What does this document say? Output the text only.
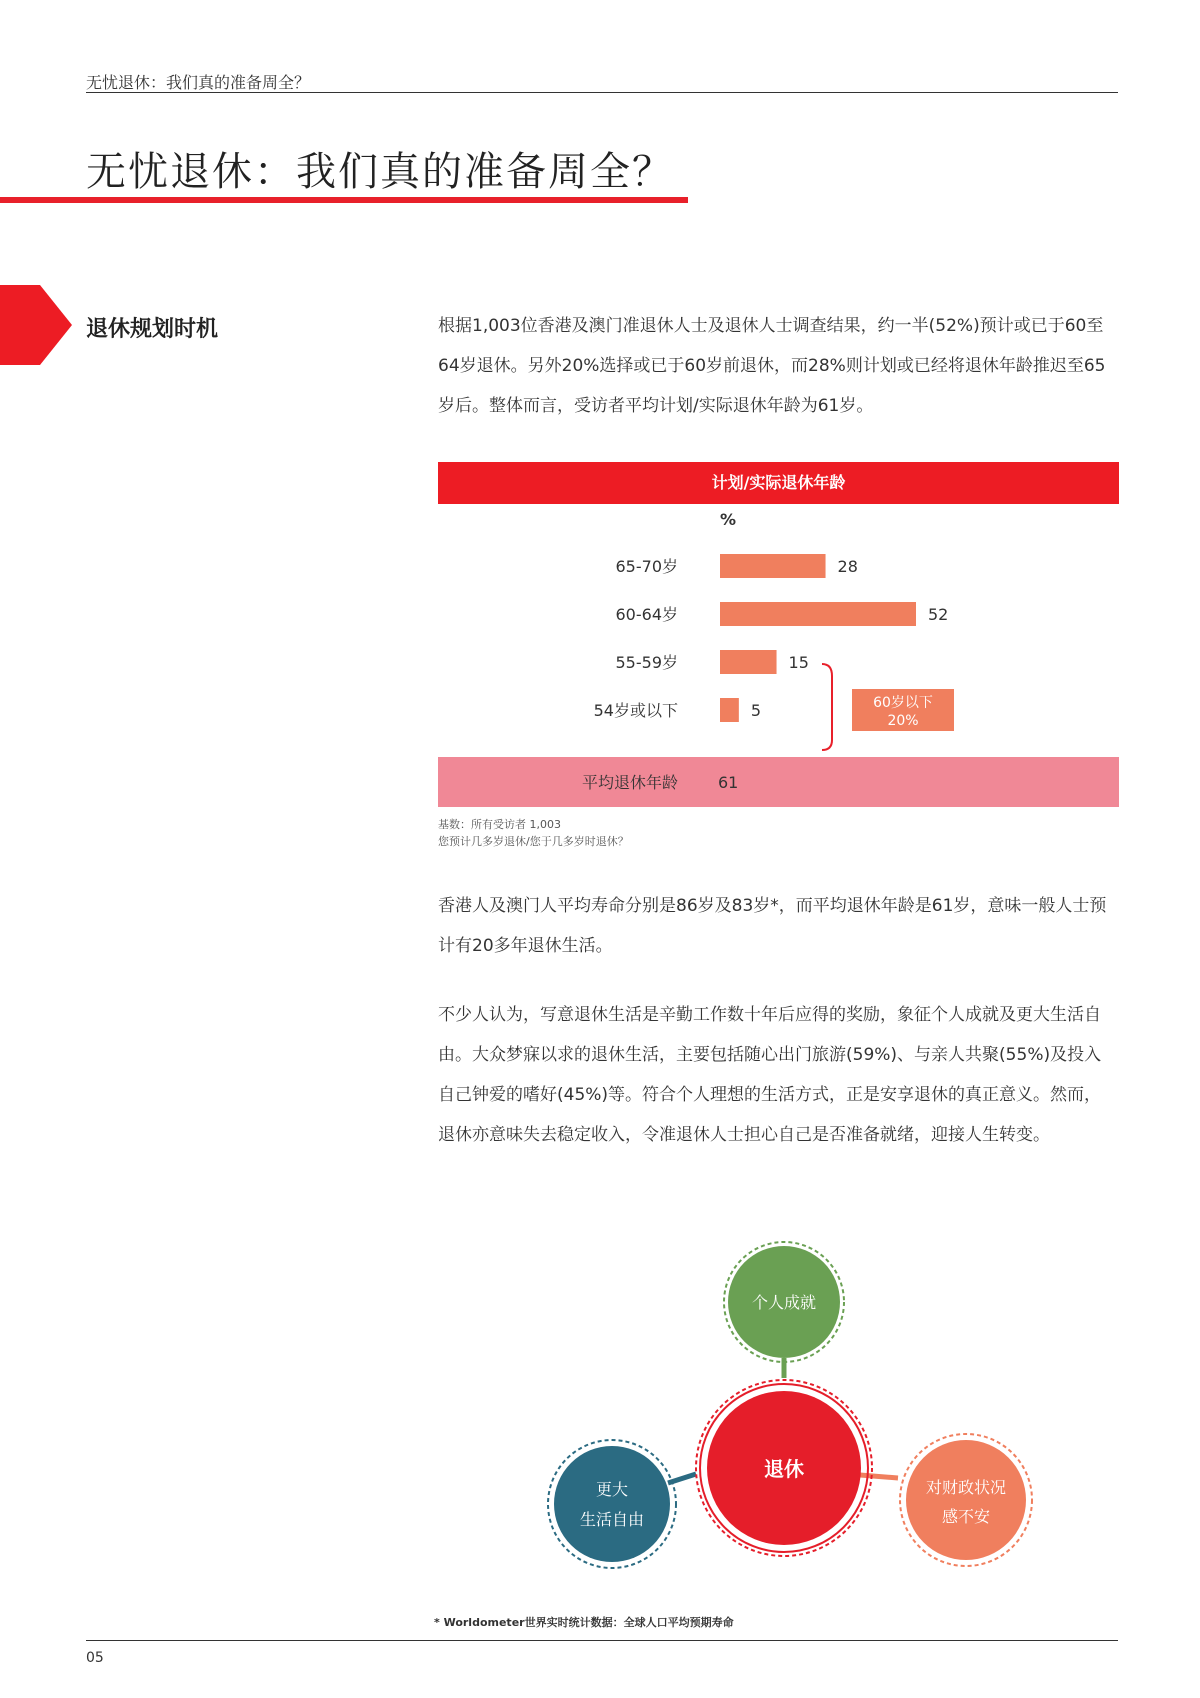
无忧退休：我们真的准备周全？
无忧退休：我们真的准备周全？
退休规划时机	根据1,003位香港及澳门准退休人士及退休人士调查结果，约一半(52%)预计或已于60至64岁退休。另外20%选择或已于60岁前退休，而28%则计划或已经将退休年龄推迟至65岁后。整体而言，受访者平均计划/实际退休年龄为61岁。
计划/实际退休年龄
%
65-70岁	28
60-64岁	52
55-59岁	15
54岁或以下	5	60岁以下
20%
平均退休年龄	61
基数：所有受访者 1,003
您预计几多岁退休/您于几多岁时退休？
香港人及澳门人平均寿命分别是86岁及83岁*，而平均退休年龄是61岁，意味一般人士预计有20多年退休生活。
不少人认为，写意退休生活是辛勤工作数十年后应得的奖励，象征个人成就及更大生活自由。大众梦寐以求的退休生活，主要包括随心出门旅游(59%)、与亲人共聚(55%)及投入自己钟爱的嗜好(45%)等。符合个人理想的生活方式，正是安享退休的真正意义。然而，退休亦意味失去稳定收入，令准退休人士担心自己是否准备就绪，迎接人生转变。
个人成就
更大
生活自由
退休
对财政状况
感不安
* Worldometer世界实时统计数据：全球人口平均预期寿命
05
